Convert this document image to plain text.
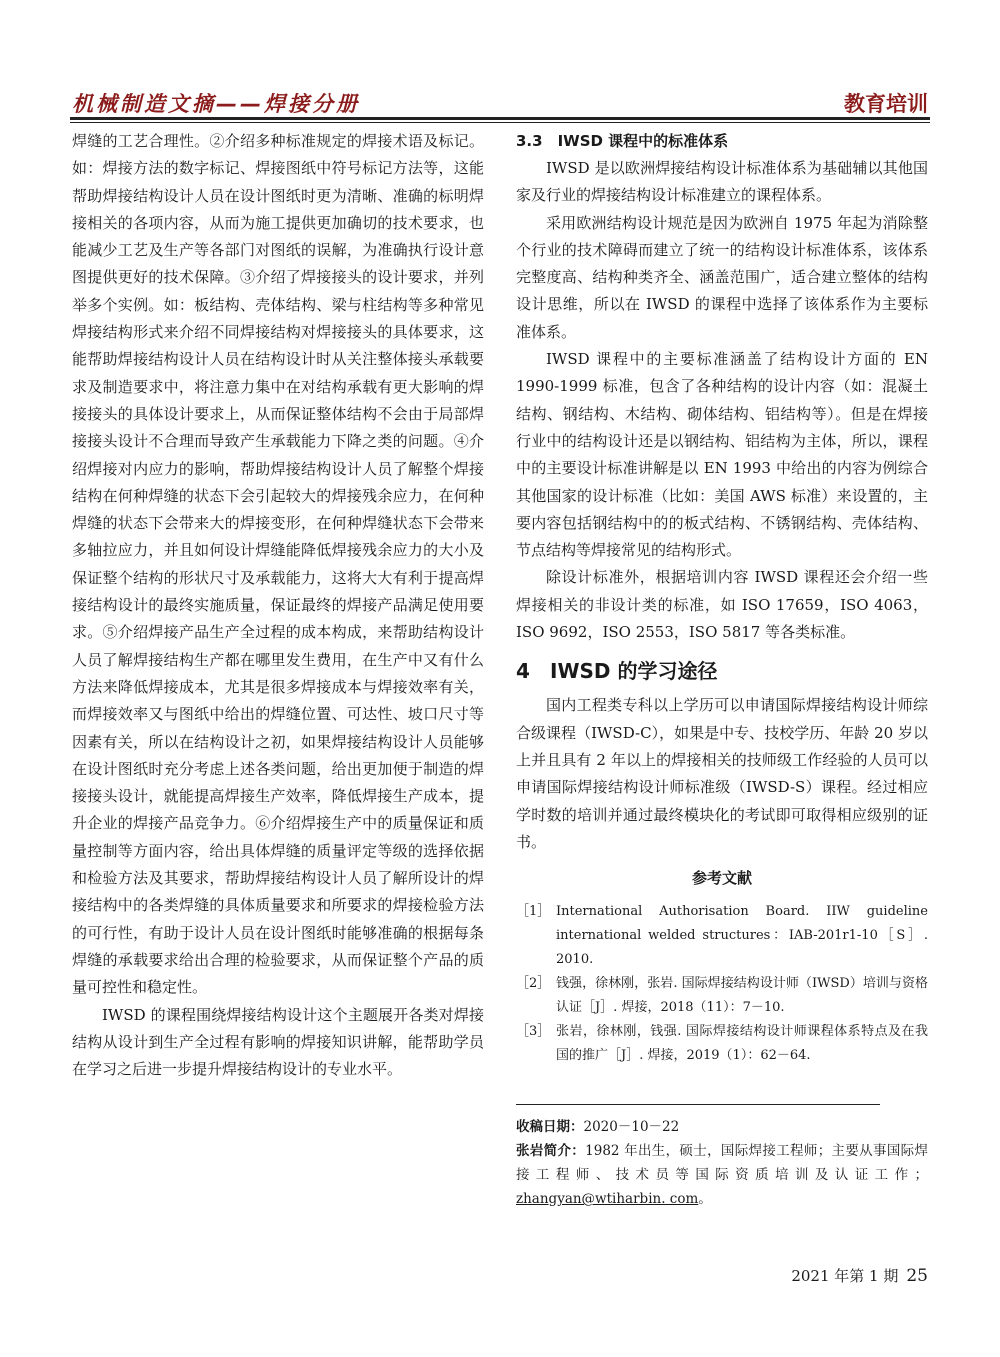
机械制造文摘——焊接分册	教育培训

焊缝的工艺合理性。②介绍多种标准规定的焊接术语及标记。如：焊接方法的数字标记、焊接图纸中符号标记方法等，这能帮助焊接结构设计人员在设计图纸时更为清晰、准确的标明焊接相关的各项内容，从而为施工提供更加确切的技术要求，也能减少工艺及生产等各部门对图纸的误解，为准确执行设计意图提供更好的技术保障。③介绍了焊接接头的设计要求，并列举多个实例。如：板结构、壳体结构、梁与柱结构等多种常见焊接结构形式来介绍不同焊接结构对焊接接头的具体要求，这能帮助焊接结构设计人员在结构设计时从关注整体接头承载要求及制造要求中，将注意力集中在对结构承载有更大影响的焊接接头的具体设计要求上，从而保证整体结构不会由于局部焊接接头设计不合理而导致产生承载能力下降之类的问题。④介绍焊接对内应力的影响，帮助焊接结构设计人员了解整个焊接结构在何种焊缝的状态下会引起较大的焊接残余应力，在何种焊缝的状态下会带来大的焊接变形，在何种焊缝状态下会带来多轴拉应力，并且如何设计焊缝能降低焊接残余应力的大小及保证整个结构的形状尺寸及承载能力，这将大大有利于提高焊接结构设计的最终实施质量，保证最终的焊接产品满足使用要求。⑤介绍焊接产品生产全过程的成本构成，来帮助结构设计人员了解焊接结构生产都在哪里发生费用，在生产中又有什么方法来降低焊接成本，尤其是很多焊接成本与焊接效率有关，而焊接效率又与图纸中给出的焊缝位置、可达性、坡口尺寸等因素有关，所以在结构设计之初，如果焊接结构设计人员能够在设计图纸时充分考虑上述各类问题，给出更加便于制造的焊接接头设计，就能提高焊接生产效率，降低焊接生产成本，提升企业的焊接产品竞争力。⑥介绍焊接生产中的质量保证和质量控制等方面内容，给出具体焊缝的质量评定等级的选择依据和检验方法及其要求，帮助焊接结构设计人员了解所设计的焊接结构中的各类焊缝的具体质量要求和所要求的焊接检验方法的可行性，有助于设计人员在设计图纸时能够准确的根据每条焊缝的承载要求给出合理的检验要求，从而保证整个产品的质量可控性和稳定性。

IWSD 的课程围绕焊接结构设计这个主题展开各类对焊接结构从设计到生产全过程有影响的焊接知识讲解，能帮助学员在学习之后进一步提升焊接结构设计的专业水平。

3.3　IWSD 课程中的标准体系

IWSD 是以欧洲焊接结构设计标准体系为基础辅以其他国家及行业的焊接结构设计标准建立的课程体系。

采用欧洲结构设计规范是因为欧洲自 1975 年起为消除整个行业的技术障碍而建立了统一的结构设计标准体系，该体系完整度高、结构种类齐全、涵盖范围广，适合建立整体的结构设计思维，所以在 IWSD 的课程中选择了该体系作为主要标准体系。

IWSD 课程中的主要标准涵盖了结构设计方面的 EN 1990-1999 标准，包含了各种结构的设计内容（如：混凝土结构、钢结构、木结构、砌体结构、铝结构等）。但是在焊接行业中的结构设计还是以钢结构、铝结构为主体，所以，课程中的主要设计标准讲解是以 EN 1993 中给出的内容为例综合其他国家的设计标准（比如：美国 AWS 标准）来设置的，主要内容包括钢结构中的的板式结构、不锈钢结构、壳体结构、节点结构等焊接常见的结构形式。

除设计标准外，根据培训内容 IWSD 课程还会介绍一些焊接相关的非设计类的标准，如 ISO 17659，ISO 4063，ISO 9692，ISO 2553，ISO 5817 等各类标准。

4 IWSD 的学习途径

国内工程类专科以上学历可以申请国际焊接结构设计师综合级课程（IWSD-C），如果是中专、技校学历、年龄 20 岁以上并且具有 2 年以上的焊接相关的技师级工作经验的人员可以申请国际焊接结构设计师标准级（IWSD-S）课程。经过相应学时数的培训并通过最终模块化的考试即可取得相应级别的证书。

参考文献
［1］ International Authorisation Board. IIW guideline international welded structures：IAB-201r1-10［S］. 2010.
［2］ 钱强，徐林刚，张岩. 国际焊接结构设计师（IWSD）培训与资格认证［J］. 焊接，2018（11）：7－10.
［3］ 张岩，徐林刚，钱强. 国际焊接结构设计师课程体系特点及在我国的推广［J］. 焊接，2019（1）：62－64.

收稿日期：2020－10－22

张岩简介：1982 年出生，硕士，国际焊接工程师；主要从事国际焊接工程师、技术员等国际资质培训及认证工作；zhangyan@wtiharbin. com。

2021 年第 1 期 25
